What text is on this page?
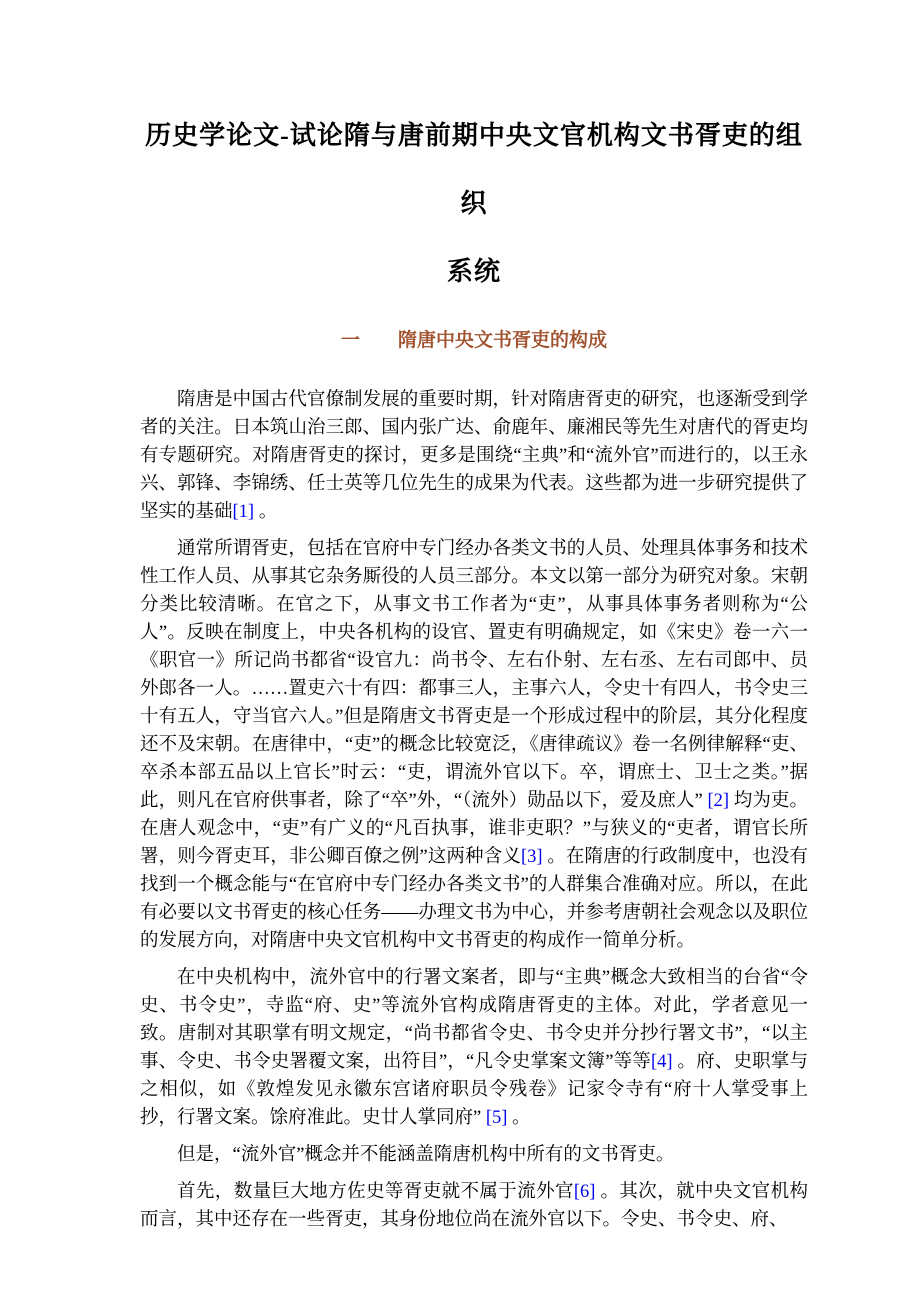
历史学论文-试论隋与唐前期中央文官机构文书胥吏的组织
系统
一　　隋唐中央文书胥吏的构成

隋唐是中国古代官僚制发展的重要时期，针对隋唐胥吏的研究，也逐渐受到学者的关注。日本筑山治三郎、国内张广达、俞鹿年、廉湘民等先生对唐代的胥吏均有专题研究。对隋唐胥吏的探讨，更多是围绕“主典”和“流外官”而进行的，以王永兴、郭锋、李锦绣、任士英等几位先生的成果为代表。这些都为进一步研究提供了坚实的基础[1] 。

通常所谓胥吏，包括在官府中专门经办各类文书的人员、处理具体事务和技术性工作人员、从事其它杂务厮役的人员三部分。本文以第一部分为研究对象。宋朝分类比较清晰。在官之下，从事文书工作者为“吏”，从事具体事务者则称为“公人”。反映在制度上，中央各机构的设官、置吏有明确规定，如《宋史》卷一六一《职官一》所记尚书都省“设官九：尚书令、左右仆射、左右丞、左右司郎中、员外郎各一人。……置吏六十有四：都事三人，主事六人，令史十有四人，书令史三十有五人，守当官六人。”但是隋唐文书胥吏是一个形成过程中的阶层，其分化程度还不及宋朝。在唐律中，“吏”的概念比较宽泛，《唐律疏议》卷一名例律解释“吏、卒杀本部五品以上官长”时云：“吏，谓流外官以下。卒，谓庶士、卫士之类。”据此，则凡在官府供事者，除了“卒”外，“（流外）勋品以下，爱及庶人” [2] 均为吏。在唐人观念中，“吏”有广义的“凡百执事，谁非吏职？”与狭义的“吏者，谓官长所署，则今胥吏耳，非公卿百僚之例”这两种含义[3] 。在隋唐的行政制度中，也没有找到一个概念能与“在官府中专门经办各类文书”的人群集合准确对应。所以，在此有必要以文书胥吏的核心任务——办理文书为中心，并参考唐朝社会观念以及职位的发展方向，对隋唐中央文官机构中文书胥吏的构成作一简单分析。

在中央机构中，流外官中的行署文案者，即与“主典”概念大致相当的台省“令史、书令史”，寺监“府、史”等流外官构成隋唐胥吏的主体。对此，学者意见一致。唐制对其职掌有明文规定，“尚书都省令史、书令史并分抄行署文书”，“以主事、令史、书令史署覆文案，出符目”，“凡令史掌案文簿”等等[4] 。府、史职掌与之相似，如《敦煌发见永徽东宫诸府职员令残卷》记家令寺有“府十人掌受事上抄，行署文案。馀府准此。史廿人掌同府” [5] 。

但是，“流外官”概念并不能涵盖隋唐机构中所有的文书胥吏。

首先，数量巨大地方佐史等胥吏就不属于流外官[6] 。其次，就中央文官机构而言，其中还存在一些胥吏，其身份地位尚在流外官以下。令史、书令史、府、
